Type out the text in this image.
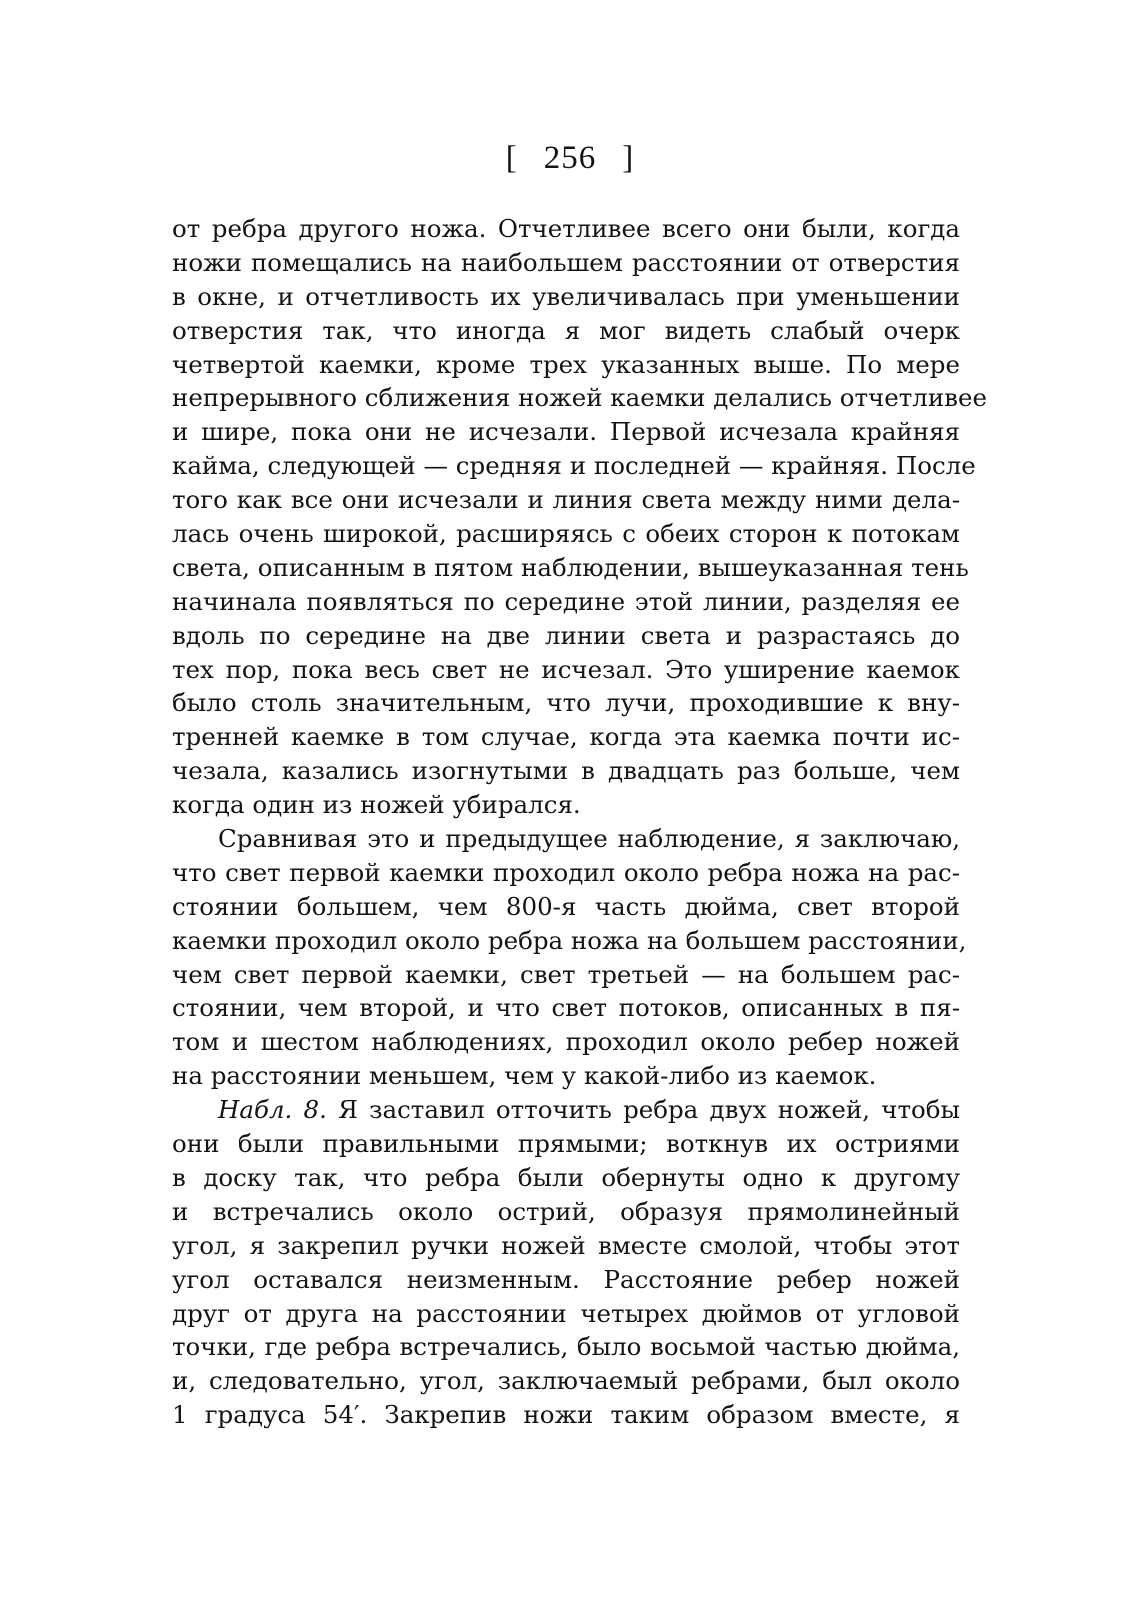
[ 256 ]
от ребра другого ножа. Отчетливее всего они были, когда
ножи помещались на наибольшем расстоянии от отверстия
в окне, и отчетливость их увеличивалась при уменьшении
отверстия так, что иногда я мог видеть слабый очерк
четвертой каемки, кроме трех указанных выше. По мере
непрерывного сближения ножей каемки делались отчетливее
и шире, пока они не исчезали. Первой исчезала крайняя
кайма, следующей — средняя и последней — крайняя. После
того как все они исчезали и линия света между ними дела-
лась очень широкой, расширяясь с обеих сторон к потокам
света, описанным в пятом наблюдении, вышеуказанная тень
начинала появляться по середине этой линии, разделяя ее
вдоль по середине на две линии света и разрастаясь до
тех пор, пока весь свет не исчезал. Это уширение каемок
было столь значительным, что лучи, проходившие к вну-
тренней каемке в том случае, когда эта каемка почти ис-
чезала, казались изогнутыми в двадцать раз больше, чем
когда один из ножей убирался.
Сравнивая это и предыдущее наблюдение, я заключаю,
что свет первой каемки проходил около ребра ножа на рас-
стоянии большем, чем 800-я часть дюйма, свет второй
каемки проходил около ребра ножа на большем расстоянии,
чем свет первой каемки, свет третьей — на большем рас-
стоянии, чем второй, и что свет потоков, описанных в пя-
том и шестом наблюдениях, проходил около ребер ножей
на расстоянии меньшем, чем у какой-либо из каемок.
Набл. 8. Я заставил отточить ребра двух ножей, чтобы
они были правильными прямыми; воткнув их остриями
в доску так, что ребра были обернуты одно к другому
и встречались около острий, образуя прямолинейный
угол, я закрепил ручки ножей вместе смолой, чтобы этот
угол оставался неизменным. Расстояние ребер ножей
друг от друга на расстоянии четырех дюймов от угловой
точки, где ребра встречались, было восьмой частью дюйма,
и, следовательно, угол, заключаемый ребрами, был около
1 градуса 54′. Закрепив ножи таким образом вместе, я
